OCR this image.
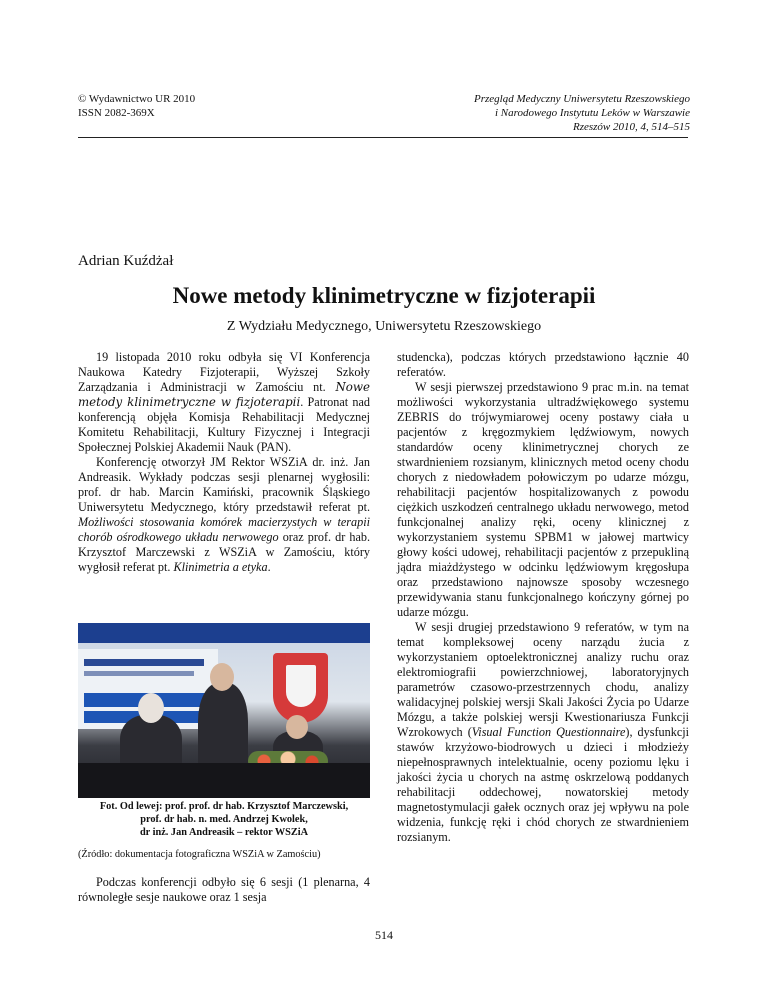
© Wydawnictwo UR 2010
ISSN 2082-369X
Przegląd Medyczny Uniwersytetu Rzeszowskiego
i Narodowego Instytutu Leków w Warszawie
Rzeszów 2010, 4, 514–515
Adrian Kuźdżał
Nowe metody klinimetryczne w fizjoterapii
Z Wydziału Medycznego, Uniwersytetu Rzeszowskiego

19 listopada 2010 roku odbyła się VI Konferencja Naukowa Katedry Fizjoterapii, Wyższej Szkoły Zarządzania i Administracji w Zamościu nt. Nowe metody klinimetryczne w fizjoterapii. Patronat nad konferencją objęła Komisja Rehabilitacji Medycznej Komitetu Rehabilitacji, Kultury Fizycznej i Integracji Społecznej Polskiej Akademii Nauk (PAN).

Konferencję otworzył JM Rektor WSZiA dr. inż. Jan Andreasik. Wykłady podczas sesji plenarnej wygłosili: prof. dr hab. Marcin Kamiński, pracownik Śląskiego Uniwersytetu Medycznego, który przedstawił referat pt. Możliwości stosowania komórek macierzystych w terapii chorób ośrodkowego układu nerwowego oraz prof. dr hab. Krzysztof Marczewski z WSZiA w Zamościu, który wygłosił referat pt. Klinimetria a etyka.

Fot. Od lewej: prof. prof. dr hab. Krzysztof Marczewski,
prof. dr hab. n. med. Andrzej Kwolek,
dr inż. Jan Andreasik – rektor WSZiA
(Źródło: dokumentacja fotograficzna WSZiA w Zamościu)

Podczas konferencji odbyło się 6 sesji (1 plenarna, 4 równoległe sesje naukowe oraz 1 sesja

studencka), podczas których przedstawiono łącznie 40 referatów.

W sesji pierwszej przedstawiono 9 prac m.in. na temat możliwości wykorzystania ultradźwiękowego systemu ZEBRIS do trójwymiarowej oceny postawy ciała u pacjentów z kręgozmykiem lędźwiowym, nowych standardów oceny klinimetrycznej chorych ze stwardnieniem rozsianym, klinicznych metod oceny chodu chorych z niedowładem połowiczym po udarze mózgu, rehabilitacji pacjentów hospitalizowanych z powodu ciężkich uszkodzeń centralnego układu nerwowego, metod funkcjonalnej analizy ręki, oceny klinicznej z wykorzystaniem systemu SPBM1 w jałowej martwicy głowy kości udowej, rehabilitacji pacjentów z przepukliną jądra miażdżystego w odcinku lędźwiowym kręgosłupa oraz przedstawiono najnowsze sposoby wczesnego przewidywania stanu funkcjonalnego kończyny górnej po udarze mózgu.

W sesji drugiej przedstawiono 9 referatów, w tym na temat kompleksowej oceny narządu żucia z wykorzystaniem optoelektronicznej analizy ruchu oraz elektromiografii powierzchniowej, laboratoryjnych parametrów czasowo-przestrzennych chodu, analizy walidacyjnej polskiej wersji Skali Jakości Życia po Udarze Mózgu, a także polskiej wersji Kwestionariusza Funkcji Wzrokowych (Visual Function Questionnaire), dysfunkcji stawów krzyżowo-biodrowych u dzieci i młodzieży niepełnosprawnych intelektualnie, oceny poziomu lęku i jakości życia u chorych na astmę oskrzelową poddanych rehabilitacji oddechowej, nowatorskiej metody magnetostymulacji gałek ocznych oraz jej wpływu na pole widzenia, funkcję ręki i chód chorych ze stwardnieniem rozsianym.

514
